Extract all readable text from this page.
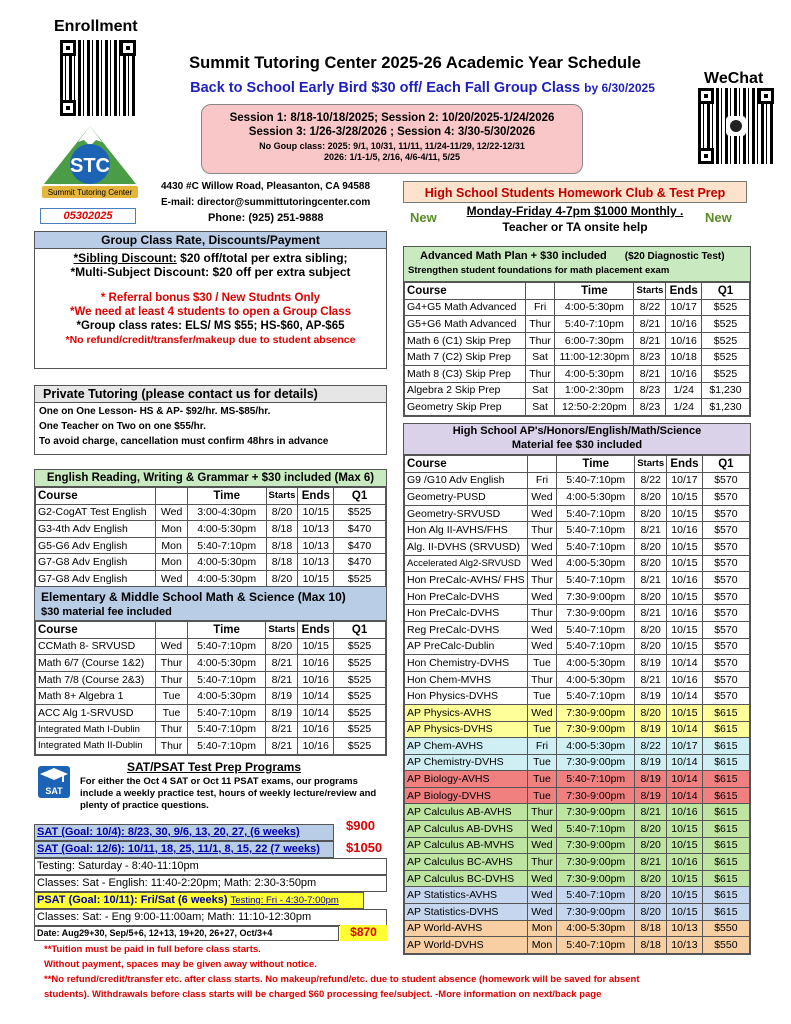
Enrollment
WeChat
Summit Tutoring Center 2025-26 Academic Year Schedule
Back to School Early Bird $30 off/ Each Fall Group Class by 6/30/2025
Session 1: 8/18-10/18/2025; Session 2: 10/20/2025-1/24/2026
Session 3: 1/26-3/28/2026 ; Session 4: 3/30-5/30/2026
No Goup class: 2025: 9/1, 10/31, 11/11, 11/24-11/29, 12/22-12/31
2026: 1/1-1/5, 2/16, 4/6-4/11, 5/25
STC
Summit Tutoring Center
05302025
4430 #C Willow Road, Pleasanton, CA 94588
E-mail: director@summittutoringcenter.com
Phone: (925) 251-9888
High School Students Homework Club & Test Prep
New	New
Monday-Friday 4-7pm $1000 Monthly .
Teacher or TA onsite help
Group Class Rate, Discounts/Payment
*Sibling Discount: $20 off/total per extra sibling;
*Multi-Subject Discount: $20 off per extra subject
* Referral bonus $30 / New Studnts Only
*We need at least 4 students to open a Group Class
*Group class rates: ELS/ MS $55; HS-$60, AP-$65
*No refund/credit/transfer/makeup due to student absence
Private Tutoring (please contact us for details)
One on One Lesson- HS & AP- $92/hr. MS-$85/hr.
One Teacher on Two on one $55/hr.
To avoid charge, cancellation must confirm 48hrs in advance
English Reading, Writing & Grammar + $30 included (Max 6)
Course		Time	Starts	Ends	Q1
G2-CogAT Test English	Wed	3:00-4:30pm	8/20	10/15	$525
G3-4th Adv English	Mon	4:00-5:30pm	8/18	10/13	$470
G5-G6 Adv English	Mon	5:40-7:10pm	8/18	10/13	$470
G7-G8 Adv English	Mon	4:00-5:30pm	8/18	10/13	$470
G7-G8 Adv English	Wed	4:00-5:30pm	8/20	10/15	$525
Elementary & Middle School Math & Science (Max 10)
$30 material fee included
Course		Time	Starts	Ends	Q1
CCMath 8- SRVUSD	Wed	5:40-7:10pm	8/20	10/15	$525
Math 6/7 (Course 1&2)	Thur	4:00-5:30pm	8/21	10/16	$525
Math 7/8 (Course 2&3)	Thur	5:40-7:10pm	8/21	10/16	$525
Math 8+ Algebra 1	Tue	4:00-5:30pm	8/19	10/14	$525
ACC Alg 1-SRVUSD	Tue	5:40-7:10pm	8/19	10/14	$525
Integrated Math I-Dublin	Thur	5:40-7:10pm	8/21	10/16	$525
Integrated Math II-Dublin	Thur	5:40-7:10pm	8/21	10/16	$525
SAT/PSAT Test Prep Programs
SAT
For either the Oct 4 SAT or Oct 11 PSAT exams, our programs include a weekly practice test, hours of weekly lecture/review and plenty of practice questions.
SAT (Goal: 10/4): 8/23, 30, 9/6, 13, 20, 27, (6 weeks)	$900
SAT (Goal: 12/6): 10/11, 18, 25, 11/1, 8, 15, 22 (7 weeks)	$1050
Testing: Saturday - 8:40-11:10pm
Classes: Sat - English: 11:40-2:20pm; Math: 2:30-3:50pm
PSAT (Goal: 10/11): Fri/Sat (6 weeks) Testing: Fri - 4:30-7:00pm
Classes: Sat: - Eng 9:00-11:00am; Math: 11:10-12:30pm
Date: Aug29+30, Sep/5+6, 12+13, 19+20, 26+27, Oct/3+4	$870
Advanced Math Plan + $30 included ($20 Diagnostic Test)
Strengthen student foundations for math placement exam
Course		Time	Starts	Ends	Q1
G4+G5 Math Advanced	Fri	4:00-5:30pm	8/22	10/17	$525
G5+G6 Math Advanced	Thur	5:40-7:10pm	8/21	10/16	$525
Math 6 (C1) Skip Prep	Thur	6:00-7:30pm	8/21	10/16	$525
Math 7 (C2) Skip Prep	Sat	11:00-12:30pm	8/23	10/18	$525
Math 8 (C3) Skip Prep	Thur	4:00-5:30pm	8/21	10/16	$525
Algebra 2 Skip Prep	Sat	1:00-2:30pm	8/23	1/24	$1,230
Geometry Skip Prep	Sat	12:50-2:20pm	8/23	1/24	$1,230
High School AP's/Honors/English/Math/Science
Material fee $30 included
Course		Time	Starts	Ends	Q1
G9 /G10 Adv English	Fri	5:40-7:10pm	8/22	10/17	$570
Geometry-PUSD	Wed	4:00-5:30pm	8/20	10/15	$570
Geometry-SRVUSD	Wed	5:40-7:10pm	8/20	10/15	$570
Hon Alg II-AVHS/FHS	Thur	5:40-7:10pm	8/21	10/16	$570
Alg. II-DVHS (SRVUSD)	Wed	5:40-7:10pm	8/20	10/15	$570
Accelerated Alg2-SRVUSD	Wed	4:00-5:30pm	8/20	10/15	$570
Hon PreCalc-AVHS/ FHS	Thur	5:40-7:10pm	8/21	10/16	$570
Hon PreCalc-DVHS	Wed	7:30-9:00pm	8/20	10/15	$570
Hon PreCalc-DVHS	Thur	7:30-9:00pm	8/21	10/16	$570
Reg PreCalc-DVHS	Wed	5:40-7:10pm	8/20	10/15	$570
AP PreCalc-Dublin	Wed	5:40-7:10pm	8/20	10/15	$570
Hon Chemistry-DVHS	Tue	4:00-5:30pm	8/19	10/14	$570
Hon Chem-MVHS	Thur	4:00-5:30pm	8/21	10/16	$570
Hon Physics-DVHS	Tue	5:40-7:10pm	8/19	10/14	$570
AP Physics-AVHS	Wed	7:30-9:00pm	8/20	10/15	$615
AP Physics-DVHS	Tue	7:30-9:00pm	8/19	10/14	$615
AP Chem-AVHS	Fri	4:00-5:30pm	8/22	10/17	$615
AP Chemistry-DVHS	Tue	7:30-9:00pm	8/19	10/14	$615
AP Biology-AVHS	Tue	5:40-7:10pm	8/19	10/14	$615
AP Biology-DVHS	Tue	7:30-9:00pm	8/19	10/14	$615
AP Calculus AB-AVHS	Thur	7:30-9:00pm	8/21	10/16	$615
AP Calculus AB-DVHS	Wed	5:40-7:10pm	8/20	10/15	$615
AP Calculus AB-MVHS	Wed	7:30-9:00pm	8/20	10/15	$615
AP Calculus BC-AVHS	Thur	7:30-9:00pm	8/21	10/16	$615
AP Calculus BC-DVHS	Wed	7:30-9:00pm	8/20	10/15	$615
AP Statistics-AVHS	Wed	5:40-7:10pm	8/20	10/15	$615
AP Statistics-DVHS	Wed	7:30-9:00pm	8/20	10/15	$615
AP World-AVHS	Mon	4:00-5:30pm	8/18	10/13	$550
AP World-DVHS	Mon	5:40-7:10pm	8/18	10/13	$550
**Tuition must be paid in full before class starts.
Without payment, spaces may be given away without notice.
**No refund/credit/transfer etc. after class starts. No makeup/refund/etc. due to student absence (homework will be saved for absent
students). Withdrawals before class starts will be charged $60 processing fee/subject. -More information on next/back page
